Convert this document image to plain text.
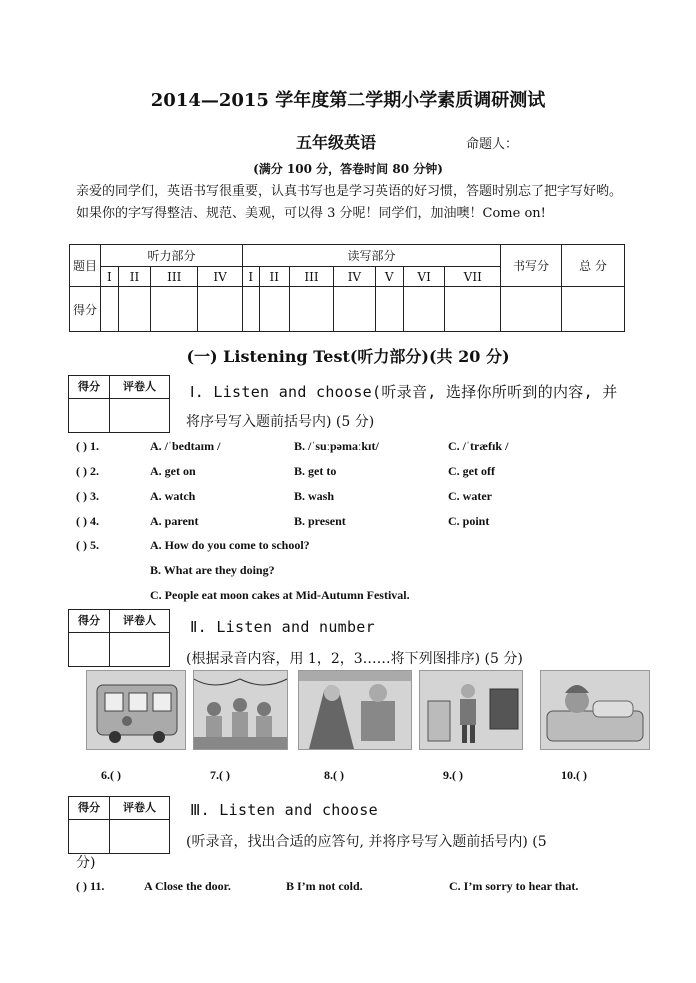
2014—2015 学年度第二学期小学素质调研测试
五年级英语	命题人：
(满分 100 分，答卷时间 80 分钟)
亲爱的同学们，英语书写很重要，认真书写也是学习英语的好习惯，答题时别忘了把字写好哟。如果你的字写得整洁、规范、美观，可以得 3 分呢！同学们，加油噢！Come on!
题目	听力部分				读写部分							书写分	总 分
	I	II	III	IV	I	II	III	IV	V	VI	VII		
得分													
(一) Listening Test(听力部分)(共 20 分)
得分	评卷人	Ⅰ. Listen and choose(听录音, 选择你所听到的内容, 并
将序号写入题前括号内) (5 分)
( ) 1.	A. /ˈbedtaɪm /	B. /ˈsuːpəmaːkɪt/	C. /ˈtræfɪk /
( ) 2.	A. get on	B. get to	C. get off
( ) 3.	A. watch	B. wash	C. water
( ) 4.	A. parent	B. present	C. point
( ) 5.	A. How do you come to school?
B. What are they doing?
C. People eat moon cakes at Mid-Autumn Festival.
得分	评卷人	Ⅱ. Listen and number
(根据录音内容，用 1，2，3……将下列图排序) (5 分)
6.( )	7.( )	8.( )	9.( )	10.( )
得分	评卷人	Ⅲ. Listen and choose
(听录音，找出合适的应答句, 并将序号写入题前括号内) (5
分)
( ) 11.	A Close the door.	B I’m not cold.	C. I’m sorry to hear that.
